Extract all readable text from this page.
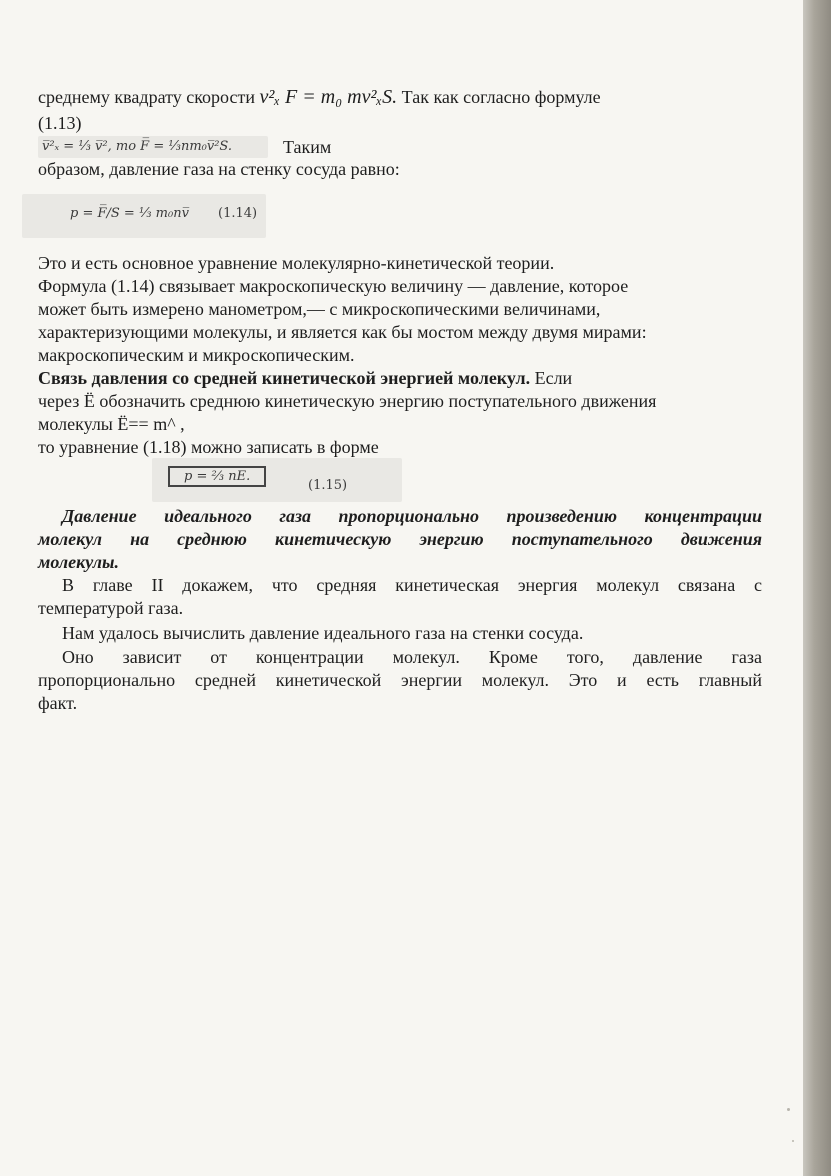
среднему квадрату скорости v²ₓ F = m₀ mv²ₓS. Так как согласно формуле
(1.13)
v̅²ₓ = ⅓ v̅², то F̅ = ⅓nm₀v̅²S.	Таким
образом, давление газа на стенку сосуда равно:
p = F̅/S = ⅓ m₀nv̅ (1.14)
Это и есть основное уравнение молекулярно-кинетической теории.
Формула (1.14) связывает макроскопическую величину — давление, которое
может быть измерено манометром,— с микроскопическими величинами,
характеризующими молекулы, и является как бы мостом между двумя мирами:
макроскопическим и микроскопическим.
Связь давления со средней кинетической энергией молекул. Если
через Ë обозначить среднюю кинетическую энергию поступательного движения
молекулы Ë== m^ ,
то уравнение (1.18) можно записать в форме
p = ⅔ nE.
(1.15)
Давление идеального газа пропорционально произведению концентрации
молекул на среднюю кинетическую энергию поступательного движения
молекулы.
В главе II докажем, что средняя кинетическая энергия молекул связана с
температурой газа.
Нам удалось вычислить давление идеального газа на стенки сосуда.
Оно зависит от концентрации молекул. Кроме того, давление газа
пропорционально средней кинетической энергии молекул. Это и есть главный
факт.
